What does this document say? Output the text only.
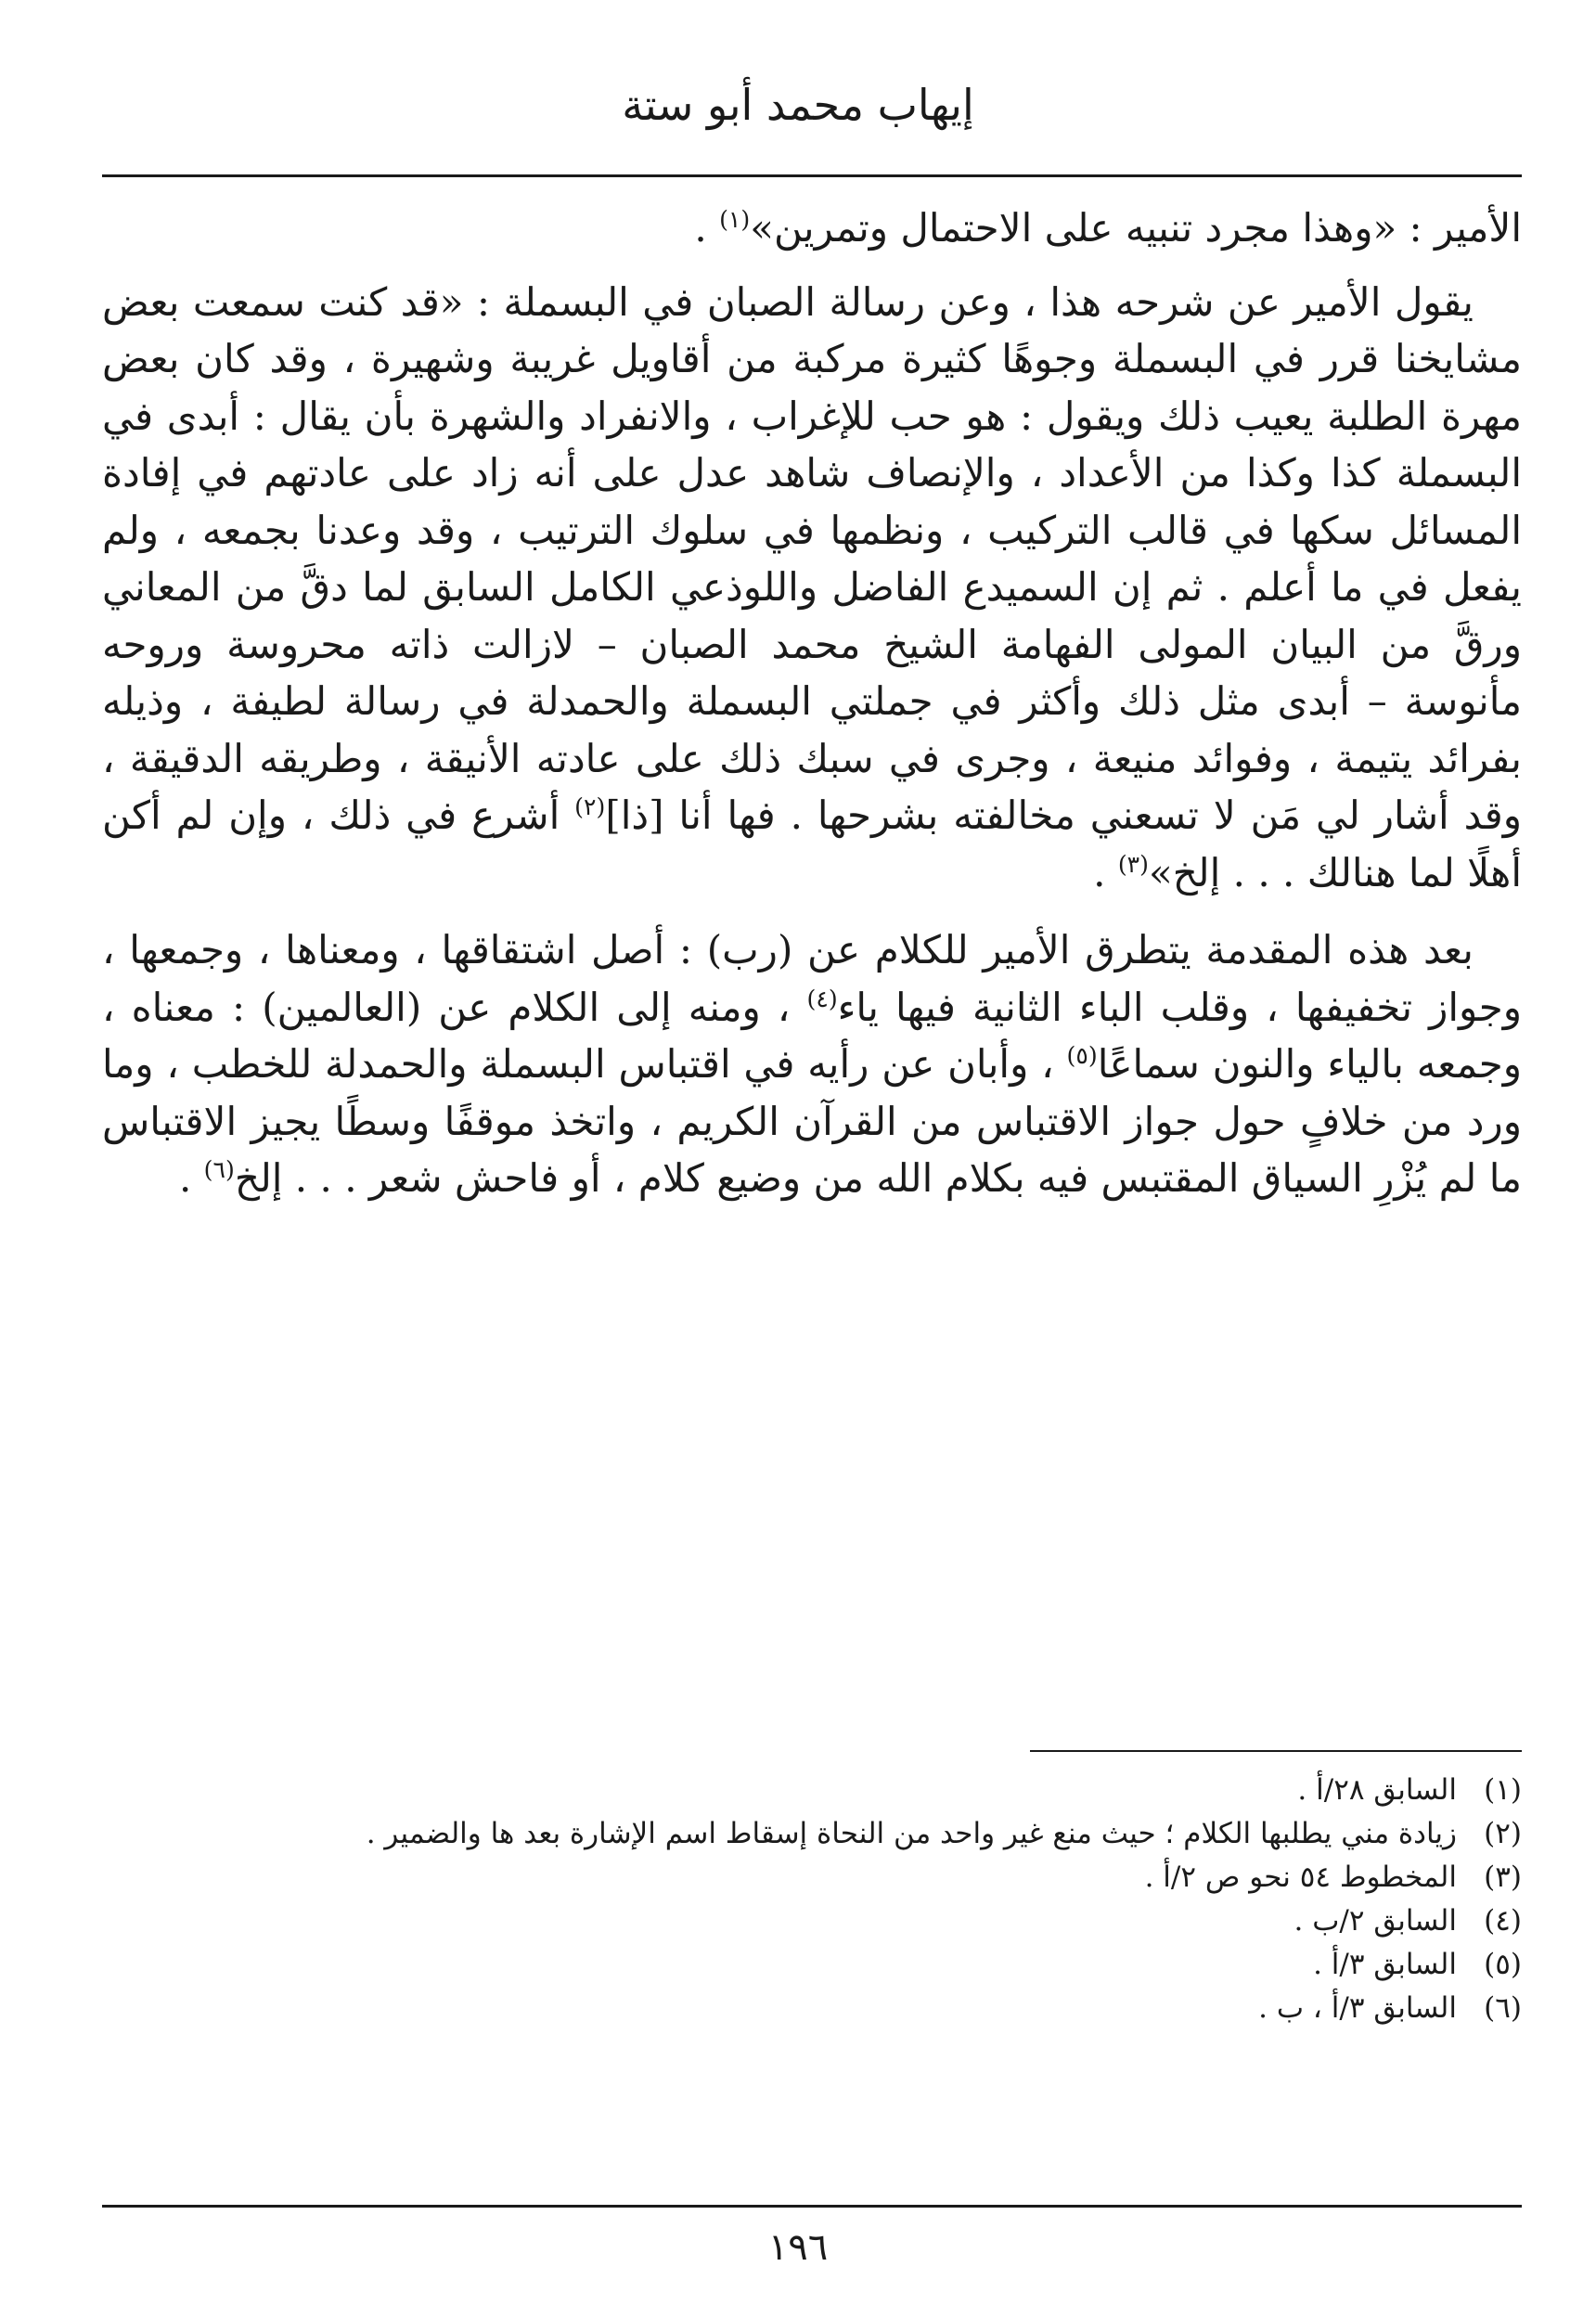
إيهاب محمد أبو ستة

الأمير : «وهذا مجرد تنبيه على الاحتمال وتمرين»$^{(١)}$ .

يقول الأمير عن شرحه هذا ، وعن رسالة الصبان في البسملة : «قد كنت سمعت بعض مشايخنا قرر في البسملة وجوهًا كثيرة مركبة من أقاويل غريبة وشهيرة ، وقد كان بعض مهرة الطلبة يعيب ذلك ويقول : هو حب للإغراب ، والانفراد والشهرة بأن يقال : أبدى في البسملة كذا وكذا من الأعداد ، والإنصاف شاهد عدل على أنه زاد على عادتهم في إفادة المسائل سكها في قالب التركيب ، ونظمها في سلوك الترتيب ، وقد وعدنا بجمعه ، ولم يفعل في ما أعلم . ثم إن السميدع الفاضل واللوذعي الكامل السابق لما دقَّ من المعاني ورقَّ من البيان المولى الفهامة الشيخ محمد الصبان – لازالت ذاته محروسة وروحه مأنوسة – أبدى مثل ذلك وأكثر في جملتي البسملة والحمدلة في رسالة لطيفة ، وذيله بفرائد يتيمة ، وفوائد منيعة ، وجرى في سبك ذلك على عادته الأنيقة ، وطريقه الدقيقة ، وقد أشار لي مَن لا تسعني مخالفته بشرحها . فها أنا [ذا]$^{(٢)}$ أشرع في ذلك ، وإن لم أكن أهلًا لما هنالك . . . إلخ»$^{(٣)}$ .

بعد هذه المقدمة يتطرق الأمير للكلام عن (رب) : أصل اشتقاقها ، ومعناها ، وجمعها ، وجواز تخفيفها ، وقلب الباء الثانية فيها ياء$^{(٤)}$ ، ومنه إلى الكلام عن (العالمين) : معناه ، وجمعه بالياء والنون سماعًا$^{(٥)}$ ، وأبان عن رأيه في اقتباس البسملة والحمدلة للخطب ، وما ورد من خلافٍ حول جواز الاقتباس من القرآن الكريم ، واتخذ موقفًا وسطًا يجيز الاقتباس ما لم يُزْرِ السياق المقتبس فيه بكلام الله من وضيع كلام ، أو فاحش شعر . . . إلخ$^{(٦)}$ .

(١)
السابق ٢٨/أ .
(٢)
زيادة مني يطلبها الكلام ؛ حيث منع غير واحد من النحاة إسقاط اسم الإشارة بعد ها والضمير .
(٣)
المخطوط ٥٤ نحو ص ٢/أ .
(٤)
السابق ٢/ب .
(٥)
السابق ٣/أ .
(٦)
السابق ٣/أ ، ب .
١٩٦
